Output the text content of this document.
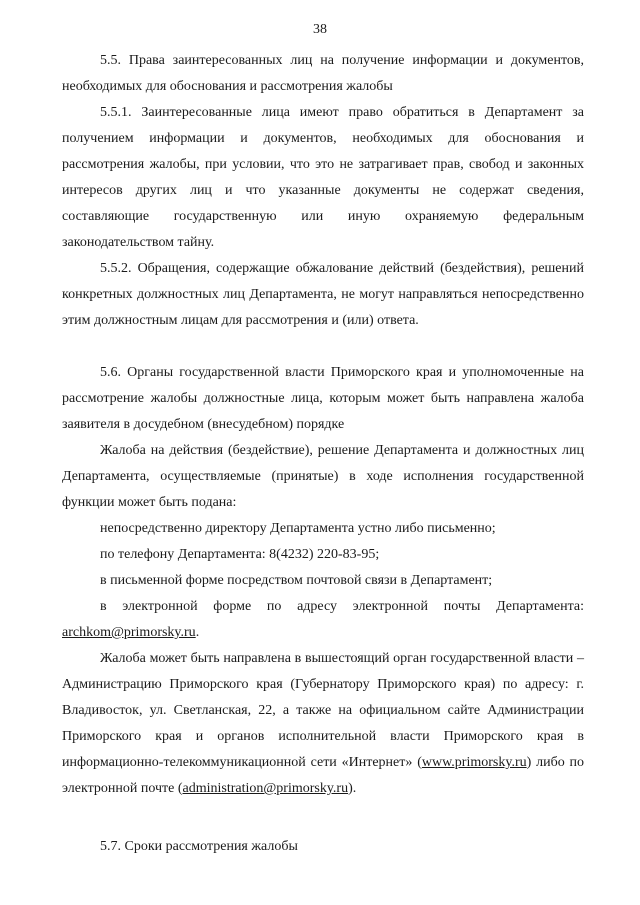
38

5.5. Права заинтересованных лиц на получение информации и документов, необходимых для обоснования и рассмотрения жалобы

5.5.1. Заинтересованные лица имеют право обратиться в Департамент за получением информации и документов, необходимых для обоснования и рассмотрения жалобы, при условии, что это не затрагивает прав, свобод и законных интересов других лиц и что указанные документы не содержат сведения, составляющие государственную или иную охраняемую федеральным законодательством тайну.

5.5.2. Обращения, содержащие обжалование действий (бездействия), решений конкретных должностных лиц Департамента, не могут направляться непосредственно этим должностным лицам для рассмотрения и (или) ответа.

5.6. Органы государственной власти Приморского края и уполномоченные на рассмотрение жалобы должностные лица, которым может быть направлена жалоба заявителя в досудебном (внесудебном) порядке

Жалоба на действия (бездействие), решение Департамента и должностных лиц Департамента, осуществляемые (принятые) в ходе исполнения государственной функции может быть подана:

непосредственно директору Департамента устно либо письменно;

по телефону Департамента: 8(4232) 220-83-95;

в письменной форме посредством почтовой связи в Департамент;

в электронной форме по адресу электронной почты Департамента: archkom@primorsky.ru.

Жалоба может быть направлена в вышестоящий орган государственной власти – Администрацию Приморского края (Губернатору Приморского края) по адресу: г. Владивосток, ул. Светланская, 22, а также на официальном сайте Администрации Приморского края и органов исполнительной власти Приморского края в информационно-телекоммуникационной сети «Интернет» (www.primorsky.ru) либо по электронной почте (administration@primorsky.ru).

5.7. Сроки рассмотрения жалобы
